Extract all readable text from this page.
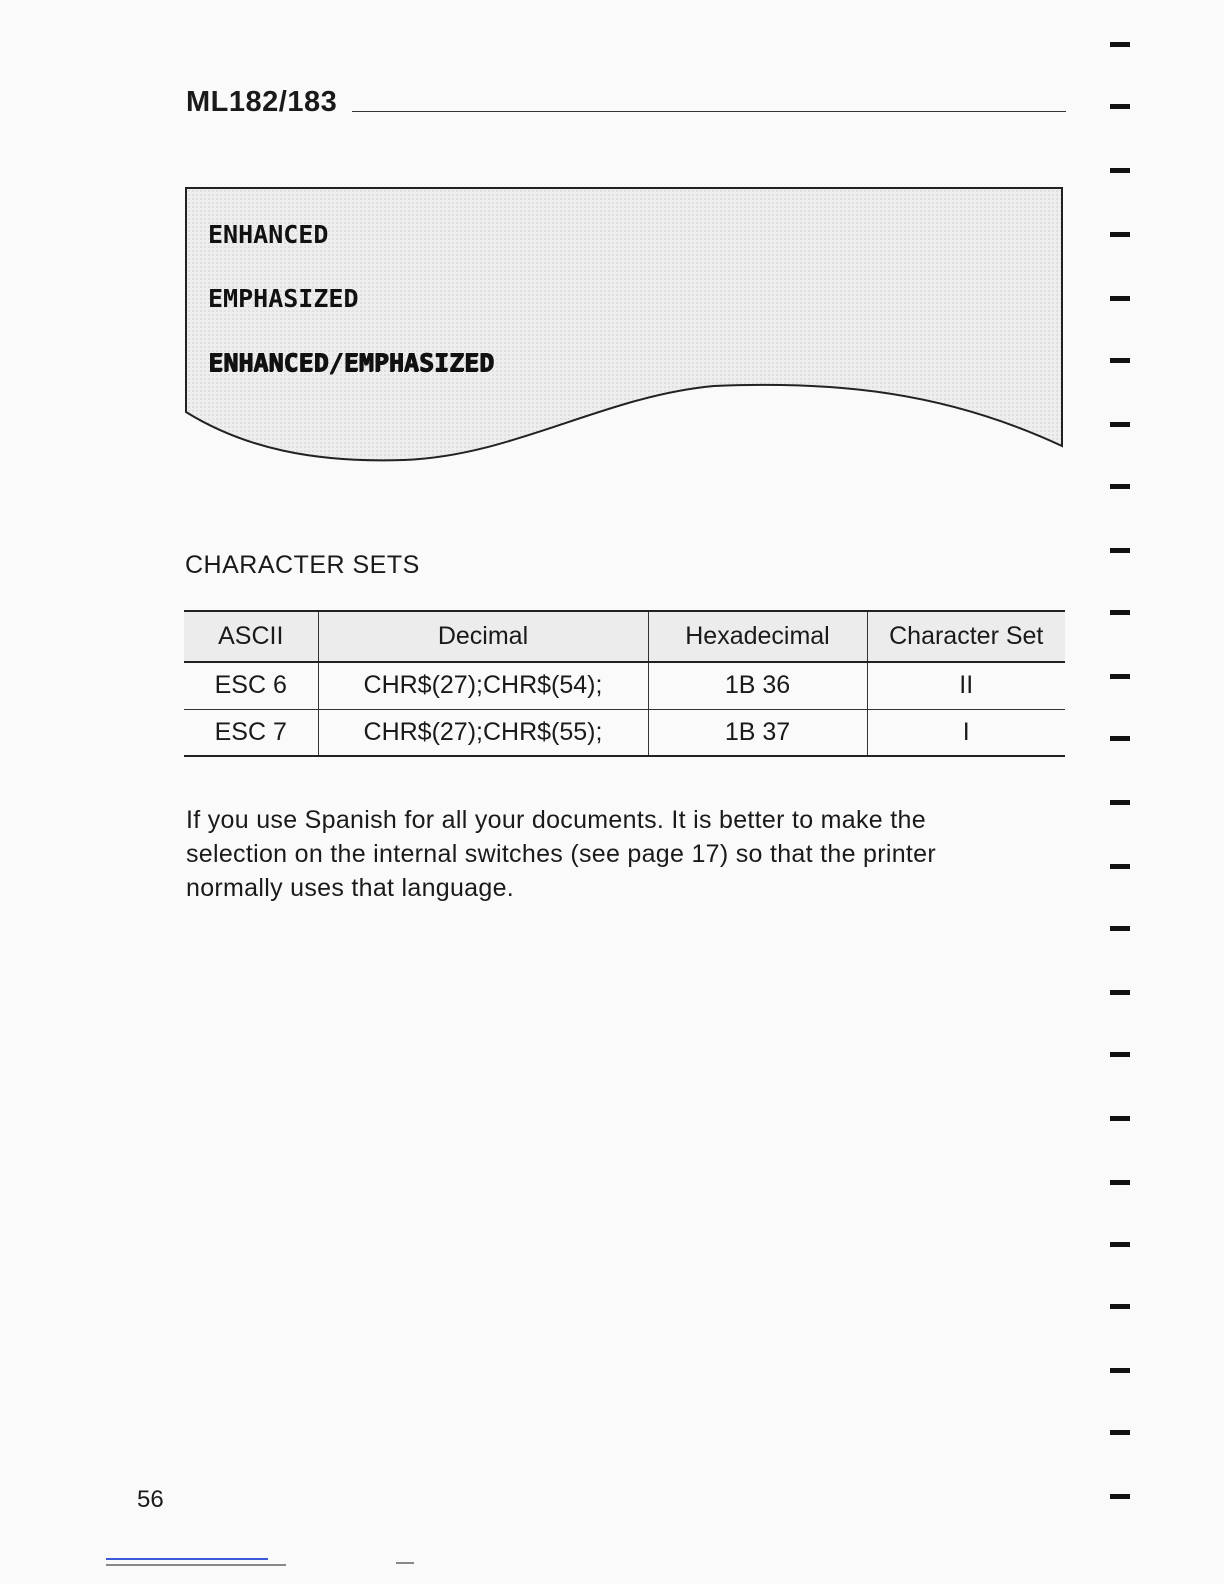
ML182/183
ENHANCED
EMPHASIZED
ENHANCED/EMPHASIZED
CHARACTER SETS
ASCII	Decimal	Hexadecimal	Character Set
ESC 6	CHR$(27);CHR$(54);	1B 36	II
ESC 7	CHR$(27);CHR$(55);	1B 37	I
If you use Spanish for all your documents. It is better to make the selection on the internal switches (see page 17) so that the printer normally uses that language.
56
